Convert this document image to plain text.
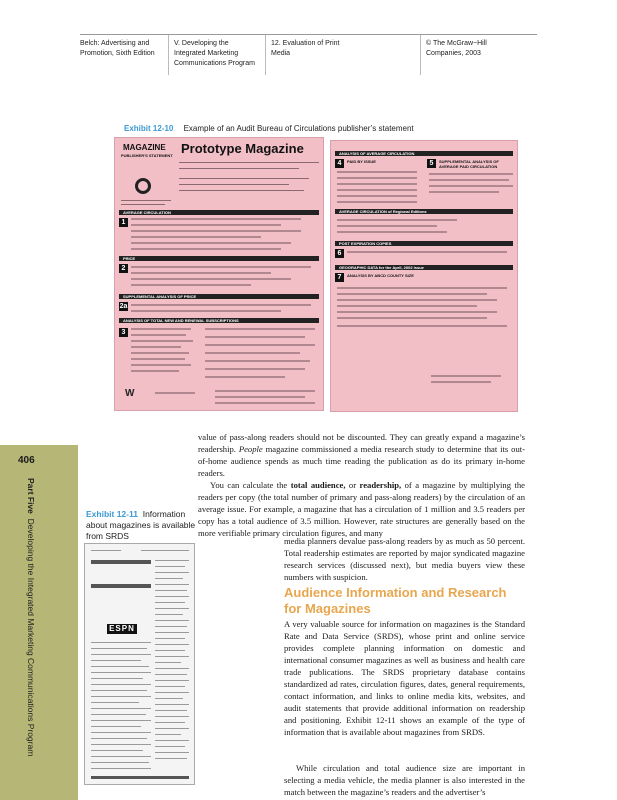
Belch: Advertising and
Promotion, Sixth Edition
V. Developing the
Integrated Marketing
Communications Program
12. Evaluation of Print
Media
© The McGraw−Hill
Companies, 2003
406
Part Five  Developing the Integrated Marketing Communications Program
Exhibit 12-10 Example of an Audit Bureau of Circulations publisher’s statement
MAGAZINE
PUBLISHER'S STATEMENT Prototype Magazine
AVERAGE CIRCULATION
1
PRICE
2
SUPPLEMENTAL ANALYSIS OF PRICE
2a
ANALYSIS OF TOTAL NEW AND RENEWAL SUBSCRIPTIONS
3
W
ANALYSIS OF AVERAGE CIRCULATION
4	5
PAID BY ISSUE	SUPPLEMENTAL ANALYSIS OF AVERAGE PAID CIRCULATION
AVERAGE CIRCULATION of Regional Editions
POST EXPIRATION COPIES
6
GEOGRAPHIC DATA for the April, 2002 Issue
7	ANALYSIS BY ABCD COUNTY SIZE
Exhibit 12-11 Information about magazines is available from SRDS
ESPN

value of pass-along readers should not be discounted. They can greatly expand a magazine’s readership. People magazine commissioned a media research study to determine that its out-of-home audience spends as much time reading the publication as do its primary in-home readers.

You can calculate the total audience, or readership, of a magazine by multiplying the readers per copy (the total number of primary and pass-along readers) by the circulation of an average issue. For example, a magazine that has a circulation of 1 million and 3.5 readers per copy has a total audience of 3.5 million. However, rate structures are generally based on the more verifiable primary circulation figures, and many

media planners devalue pass-along readers by as much as 50 percent. Total readership estimates are reported by major syndicated magazine research services (discussed next), but media buyers view these numbers with suspicion.

Audience Information and Research for Magazines

A very valuable source for information on magazines is the Standard Rate and Data Service (SRDS), whose print and online service provides complete planning information on domestic and international consumer magazines as well as business and health care trade publications. The SRDS proprietary database contains standardized ad rates, circulation figures, dates, general requirements, contact information, and links to online media kits, websites, and audit statements that provide additional information on readership and positioning. Exhibit 12-11 shows an example of the type of information that is available about magazines from SRDS.

While circulation and total audience size are important in selecting a media vehicle, the media planner is also interested in the match between the magazine’s readers and the advertiser’s
